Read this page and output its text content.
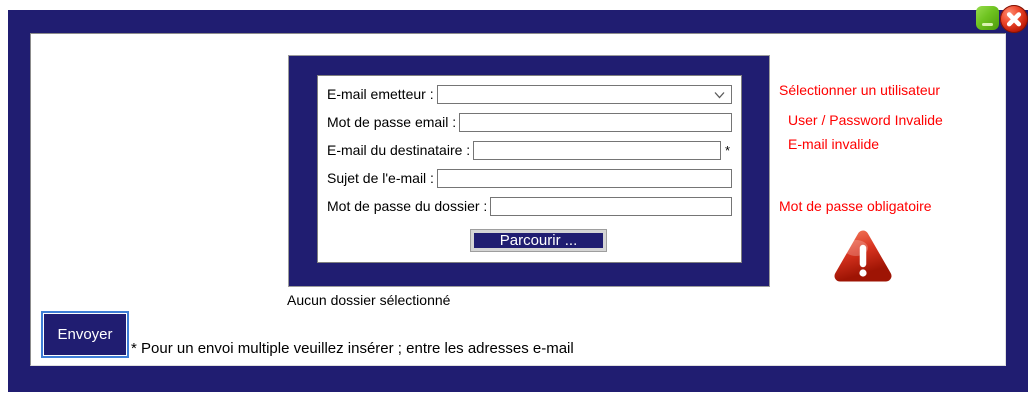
E-mail emetteur :
Mot de passe email :
E-mail du destinataire :	*
Sujet de l'e-mail :
Mot de passe du dossier :
Parcourir ...
Sélectionner un utilisateur
User / Password Invalide
E-mail invalide
Mot de passe obligatoire
Aucun dossier sélectionné
Envoyer
* Pour un envoi multiple veuillez insérer ; entre les adresses e-mail
